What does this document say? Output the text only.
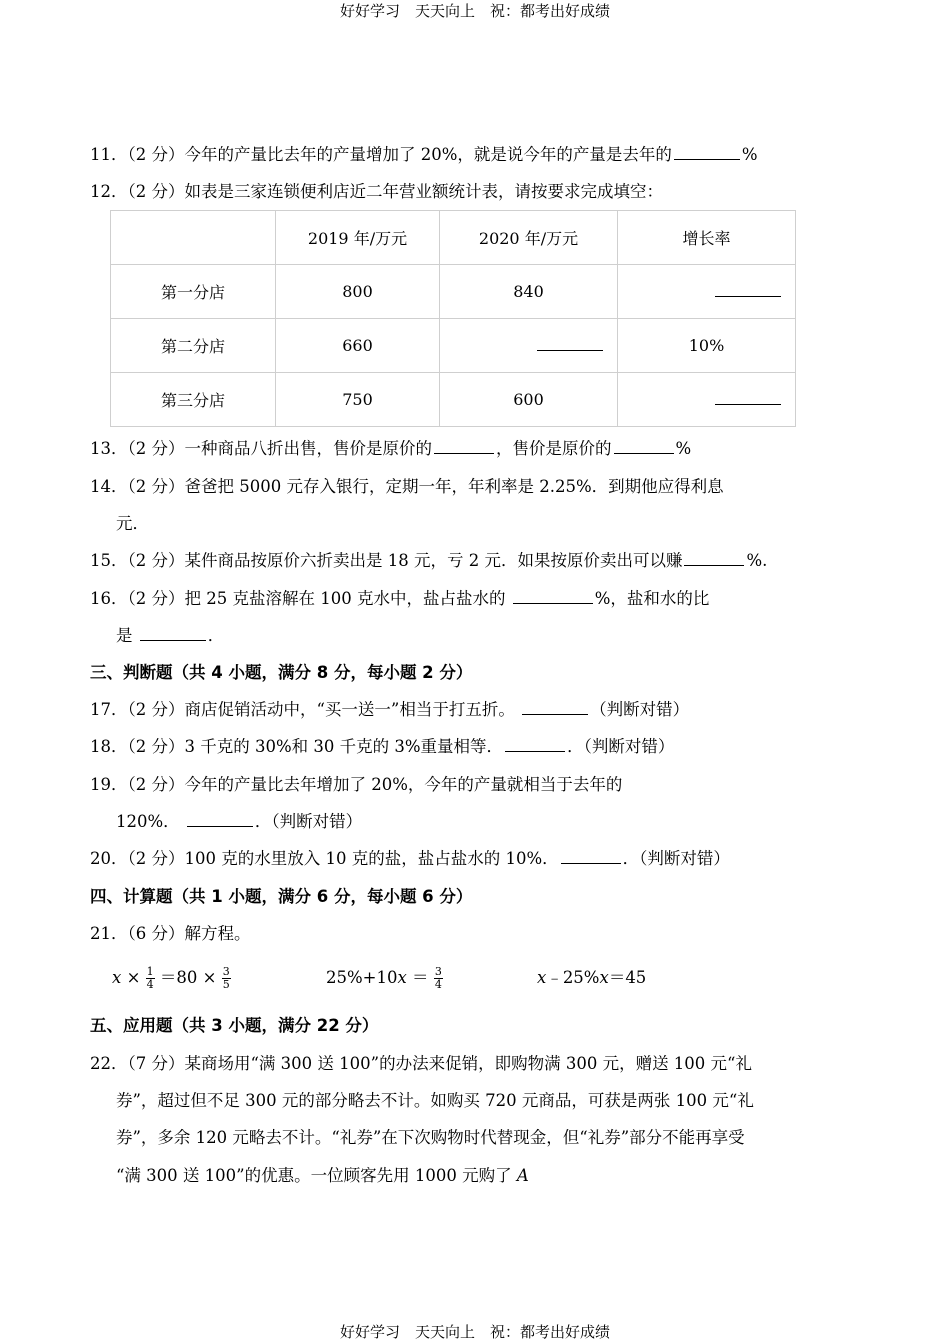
好好学习　天天向上　祝：都考出好成绩
11．（2 分）今年的产量比去年的产量增加了 20%，就是说今年的产量是去年的	%
12．（2 分）如表是三家连锁便利店近二年营业额统计表，请按要求完成填空：
	2019 年/万元	2020 年/万元	增长率
第一分店	800	840	
第二分店	660		10%
第三分店	750	600	
13．（2 分）一种商品八折出售，售价是原价的	，售价是原价的	%
14．（2 分）爸爸把 5000 元存入银行，定期一年，年利率是 2.25%．到期他应得利息
元．
15．（2 分）某件商品按原价六折卖出是 18 元，亏 2 元．如果按原价卖出可以赚	%.
16．（2 分）把 25 克盐溶解在 100 克水中，盐占盐水的	%，盐和水的比
是	．
三、判断题（共 4 小题，满分 8 分，每小题 2 分）
17．（2 分）商店促销活动中，“买一送一”相当于打五折。	（判断对错）
18．（2 分）3 千克的 30%和 30 千克的 3%重量相等．	．（判断对错）
19．（2 分）今年的产量比去年增加了 20%，今年的产量就相当于去年的
120%．	．（判断对错）
20．（2 分）100 克的水里放入 10 克的盐，盐占盐水的 10%．	．（判断对错）
四、计算题（共 1 小题，满分 6 分，每小题 6 分）
21．（6 分）解方程。
$x \times \frac{1}{4} =80 \times \frac{3}{5}$	$25\%+10x = \frac{3}{4}$	x﹣25%x＝45
五、应用题（共 3 小题，满分 22 分）
22．（7 分）某商场用“满 300 送 100”的办法来促销，即购物满 300 元，赠送 100 元“礼
券”，超过但不足 300 元的部分略去不计。如购买 720 元商品，可获是两张 100 元“礼
券”，多余 120 元略去不计。“礼券”在下次购物时代替现金，但“礼券”部分不能再享受
“满 300 送 100”的优惠。一位顾客先用 1000 元购了 A
好好学习　天天向上　祝：都考出好成绩
